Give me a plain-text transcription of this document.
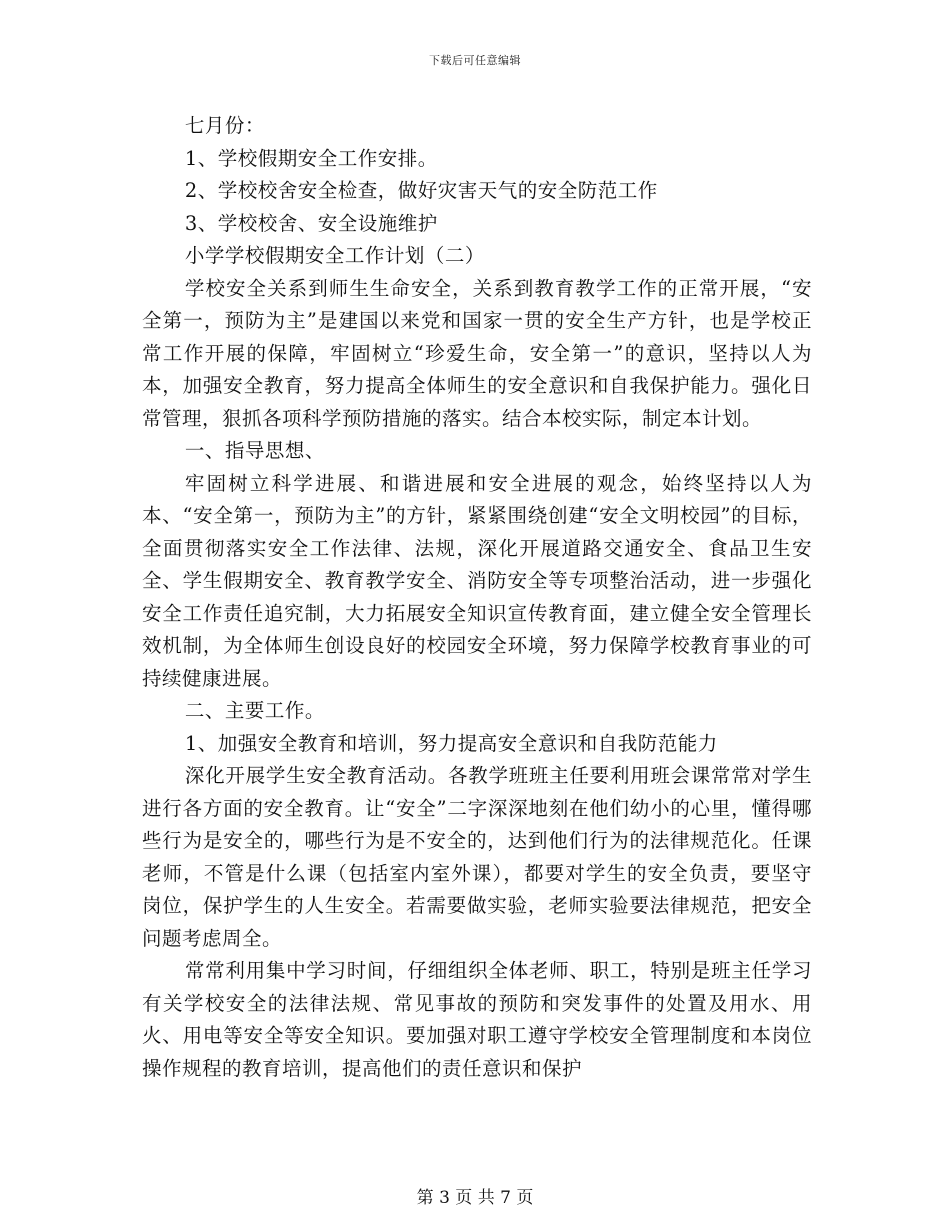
下载后可任意编辑

七月份：

1、学校假期安全工作安排。

2、学校校舍安全检查，做好灾害天气的安全防范工作

3、学校校舍、安全设施维护

小学学校假期安全工作计划（二）

学校安全关系到师生生命安全，关系到教育教学工作的正常开展，“安全第一，预防为主”是建国以来党和国家一贯的安全生产方针，也是学校正常工作开展的保障，牢固树立“珍爱生命，安全第一”的意识，坚持以人为本，加强安全教育，努力提高全体师生的安全意识和自我保护能力。强化日常管理，狠抓各项科学预防措施的落实。结合本校实际，制定本计划。

一、指导思想、

牢固树立科学进展、和谐进展和安全进展的观念，始终坚持以人为本、“安全第一，预防为主”的方针，紧紧围绕创建“安全文明校园”的目标，全面贯彻落实安全工作法律、法规，深化开展道路交通安全、食品卫生安全、学生假期安全、教育教学安全、消防安全等专项整治活动，进一步强化安全工作责任追究制，大力拓展安全知识宣传教育面，建立健全安全管理长效机制，为全体师生创设良好的校园安全环境，努力保障学校教育事业的可持续健康进展。

二、主要工作。

1、加强安全教育和培训，努力提高安全意识和自我防范能力

深化开展学生安全教育活动。各教学班班主任要利用班会课常常对学生进行各方面的安全教育。让“安全”二字深深地刻在他们幼小的心里，懂得哪些行为是安全的，哪些行为是不安全的，达到他们行为的法律规范化。任课老师，不管是什么课（包括室内室外课），都要对学生的安全负责，要坚守岗位，保护学生的人生安全。若需要做实验，老师实验要法律规范，把安全问题考虑周全。

常常利用集中学习时间，仔细组织全体老师、职工，特别是班主任学习有关学校安全的法律法规、常见事故的预防和突发事件的处置及用水、用火、用电等安全等安全知识。要加强对职工遵守学校安全管理制度和本岗位操作规程的教育培训，提高他们的责任意识和保护

第 3 页 共 7 页
